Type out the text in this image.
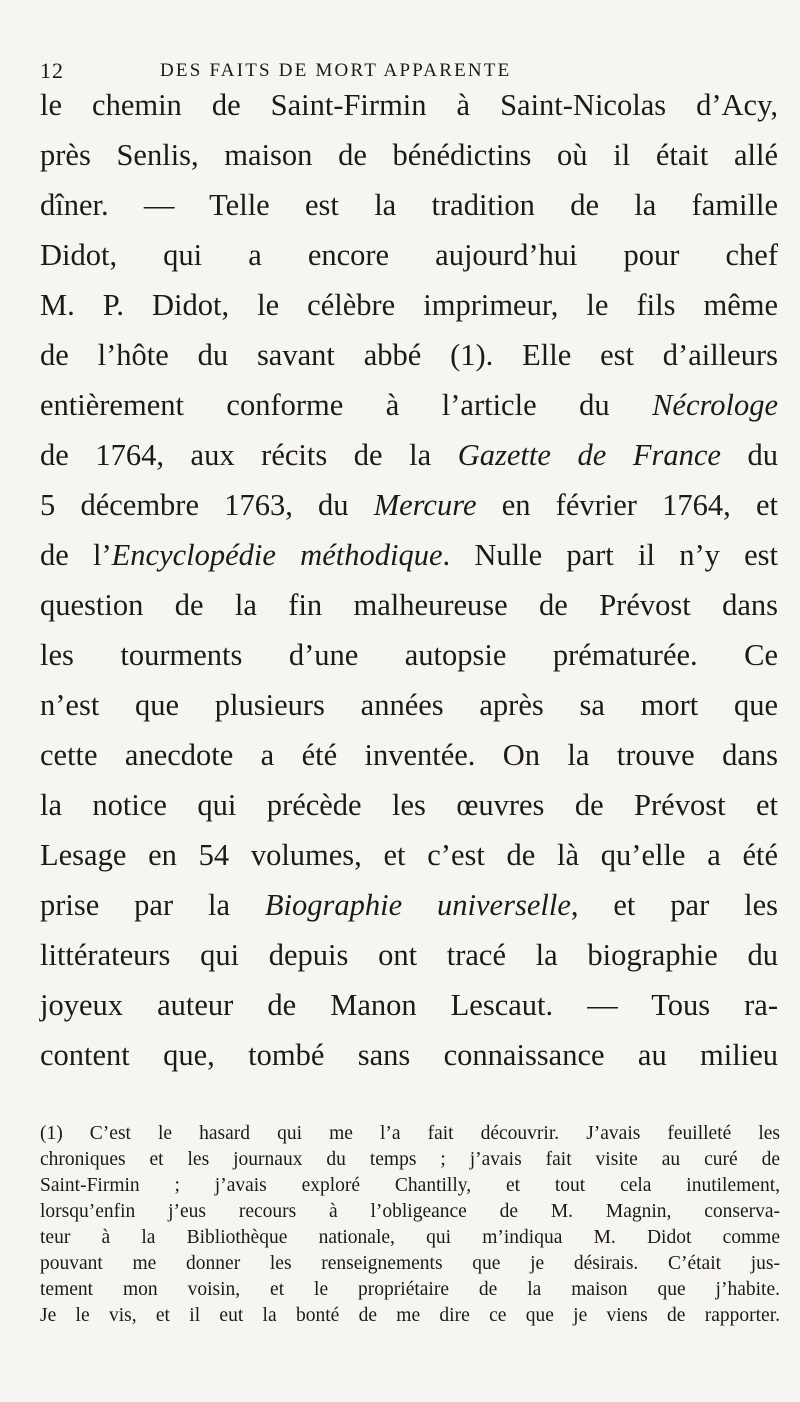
12	DES FAITS DE MORT APPARENTE
le chemin de Saint-Firmin à Saint-Nicolas d’Acy,
près Senlis, maison de bénédictins où il était allé
dîner. — Telle est la tradition de la famille
Didot, qui a encore aujourd’hui pour chef
M. P. Didot, le célèbre imprimeur, le fils même
de l’hôte du savant abbé (1). Elle est d’ailleurs
entièrement conforme à l’article du Nécrologe
de 1764, aux récits de la Gazette de France du
5 décembre 1763, du Mercure en février 1764, et
de l’Encyclopédie méthodique. Nulle part il n’y est
question de la fin malheureuse de Prévost dans
les tourments d’une autopsie prématurée. Ce
n’est que plusieurs années après sa mort que
cette anecdote a été inventée. On la trouve dans
la notice qui précède les œuvres de Prévost et
Lesage en 54 volumes, et c’est de là qu’elle a été
prise par la Biographie universelle, et par les
littérateurs qui depuis ont tracé la biographie du
joyeux auteur de Manon Lescaut. — Tous ra-
content que, tombé sans connaissance au milieu
(1) C’est le hasard qui me l’a fait découvrir. J’avais feuilleté les
chroniques et les journaux du temps ; j’avais fait visite au curé de
Saint-Firmin ; j’avais exploré Chantilly, et tout cela inutilement,
lorsqu’enfin j’eus recours à l’obligeance de M. Magnin, conserva-
teur à la Bibliothèque nationale, qui m’indiqua M. Didot comme
pouvant me donner les renseignements que je désirais. C’était jus-
tement mon voisin, et le propriétaire de la maison que j’habite.
Je le vis, et il eut la bonté de me dire ce que je viens de rapporter.
